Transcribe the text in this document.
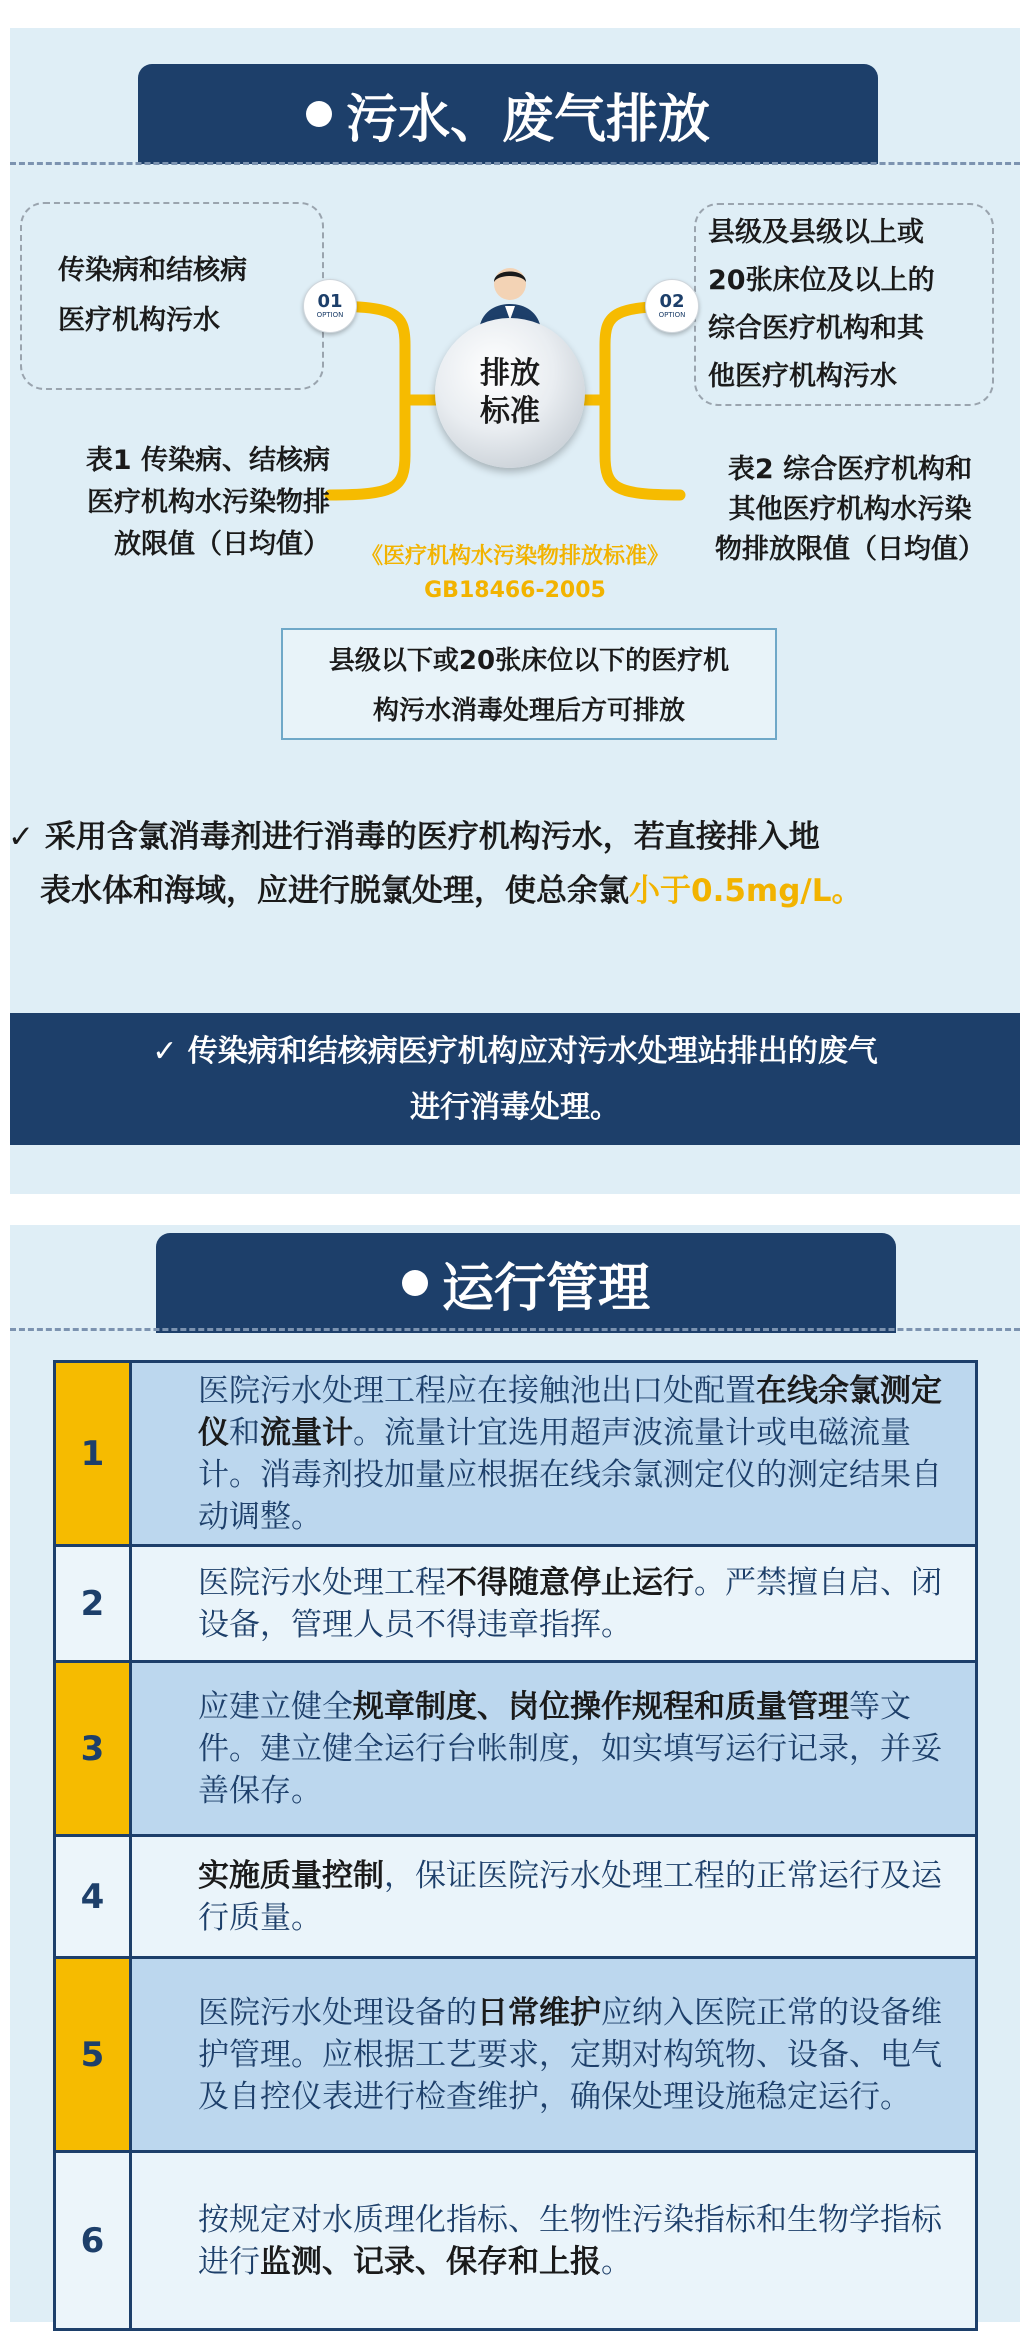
污水、废气排放
传染病和结核病
医疗机构污水
县级及县级以上或
20张床位及以上的
综合医疗机构和其
他医疗机构污水
01
OPTION
02
OPTION
排放
标准
表1 传染病、结核病
医疗机构水污染物排
放限值（日均值）
表2 综合医疗机构和
其他医疗机构水污染
物排放限值（日均值）
《医疗机构水污染物排放标准》
GB18466-2005
县级以下或20张床位以下的医疗机
构污水消毒处理后方可排放
✓ 采用含氯消毒剂进行消毒的医疗机构污水，若直接排入地
表水体和海域，应进行脱氯处理，使总余氯小于0.5mg/L。
✓ 传染病和结核病医疗机构应对污水处理站排出的废气
进行消毒处理。
运行管理
1	医院污水处理工程应在接触池出口处配置在线余氯测定仪和流量计。流量计宜选用超声波流量计或电磁流量计。消毒剂投加量应根据在线余氯测定仪的测定结果自动调整。
2	医院污水处理工程不得随意停止运行。严禁擅自启、闭设备，管理人员不得违章指挥。
3	应建立健全规章制度、岗位操作规程和质量管理等文件。建立健全运行台帐制度，如实填写运行记录，并妥善保存。
4	实施质量控制，保证医院污水处理工程的正常运行及运行质量。
5	医院污水处理设备的日常维护应纳入医院正常的设备维护管理。应根据工艺要求，定期对构筑物、设备、电气及自控仪表进行检查维护，确保处理设施稳定运行。
6	按规定对水质理化指标、生物性污染指标和生物学指标进行监测、记录、保存和上报。
